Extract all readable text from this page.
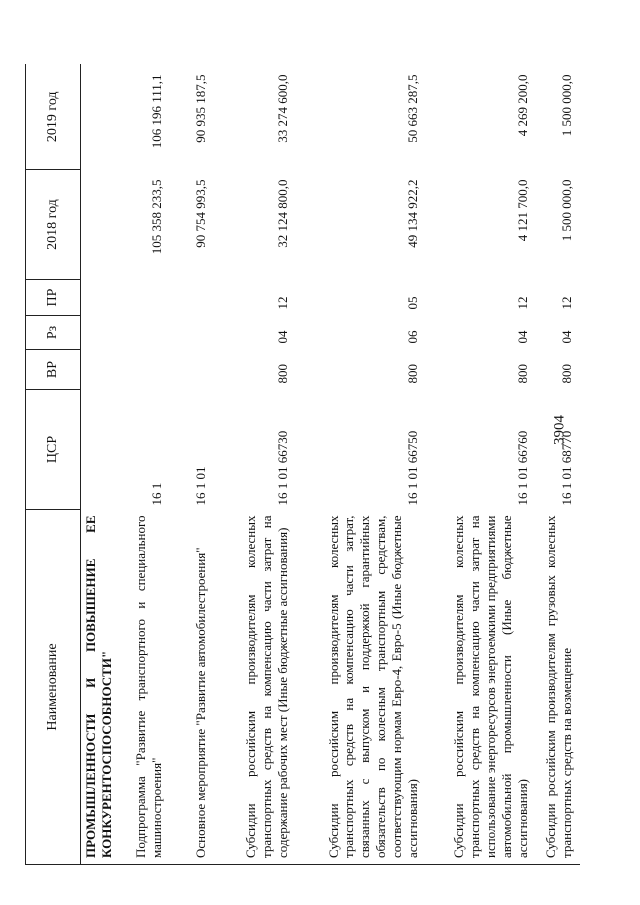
3904
Наименование	ЦСР	ВР	Рз	ПР	2018 год	2019 год
ПРОМЫШЛЕННОСТИ И ПОВЫШЕНИЕ ЕЕ КОНКУРЕНТОСПОСОБНОСТИ"						
Подпрограмма "Развитие транспортного и специального машиностроения"	16 1				105 358 233,5	106 196 111,1
Основное мероприятие "Развитие автомобилестроения"	16 1 01				90 754 993,5	90 935 187,5
Субсидии российским производителям колесных транспортных средств на компенсацию части затрат на содержание рабочих мест (Иные бюджетные ассигнования)	16 1 01 66730	800	04	12	32 124 800,0	33 274 600,0
Субсидии российским производителям колесных транспортных средств на компенсацию части затрат, связанных с выпуском и поддержкой гарантийных обязательств по колесным транспортным средствам, соответствующим нормам Евро-4, Евро-5 (Иные бюджетные ассигнования)	16 1 01 66750	800	06	05	49 134 922,2	50 663 287,5
Субсидии российским производителям колесных транспортных средств на компенсацию части затрат на использование энергоресурсов энергоемкими предприятиями автомобильной промышленности (Иные бюджетные ассигнования)	16 1 01 66760	800	04	12	4 121 700,0	4 269 200,0
Субсидии российским производителям грузовых колесных транспортных средств на возмещение	16 1 01 68770	800	04	12	1 500 000,0	1 500 000,0
